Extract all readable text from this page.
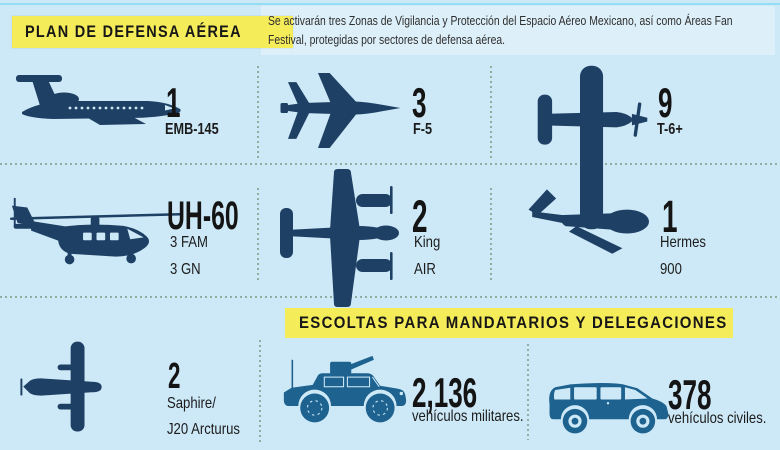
PLAN DE DEFENSA AÉREA
Se activarán tres Zonas de Vigilancia y Protección del Espacio Aéreo Mexicano, así como Áreas Fan Festival, protegidas por sectores de defensa aérea.
1
EMB-145
3
F-5
9
T-6+
UH-60
3 FAM
3 GN
2
King
AIR
1
Hermes
900
2
Saphire/
J20 Arcturus
ESCOLTAS PARA MANDATARIOS Y DELEGACIONES
2,136
vehículos militares.	378
vehículos civiles.
